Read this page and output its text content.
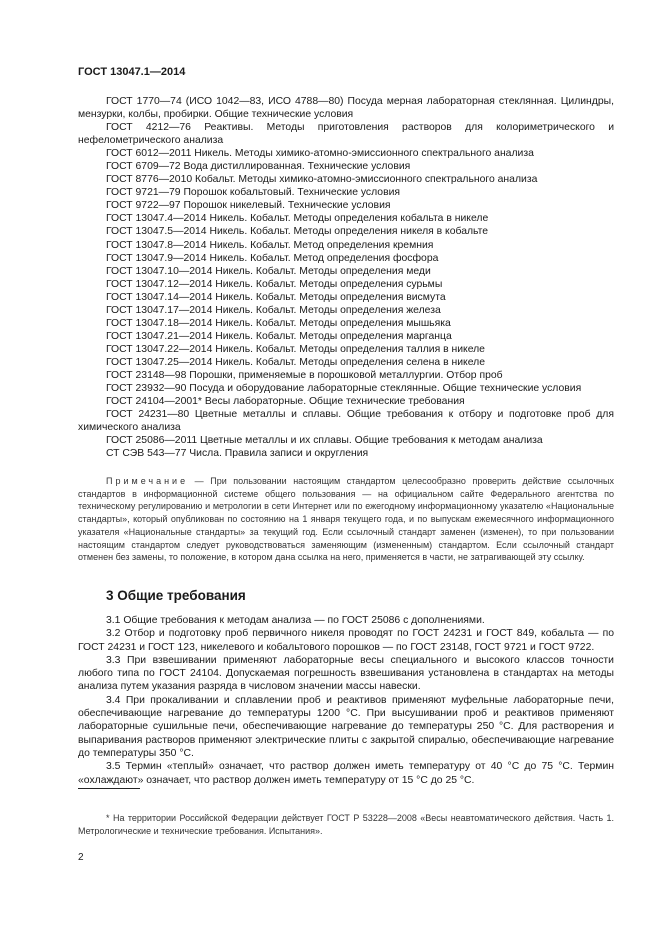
ГОСТ 13047.1—2014
ГОСТ 1770—74 (ИСО 1042—83, ИСО 4788—80) Посуда мерная лабораторная стеклянная. Цилиндры, мензурки, колбы, пробирки. Общие технические условия
ГОСТ 4212—76 Реактивы. Методы приготовления растворов для колориметрического и нефелометрического анализа
ГОСТ 6012—2011 Никель. Методы химико-атомно-эмиссионного спектрального анализа
ГОСТ 6709—72 Вода дистиллированная. Технические условия
ГОСТ 8776—2010 Кобальт. Методы химико-атомно-эмиссионного спектрального анализа
ГОСТ 9721—79 Порошок кобальтовый. Технические условия
ГОСТ 9722—97 Порошок никелевый. Технические условия
ГОСТ 13047.4—2014 Никель. Кобальт. Методы определения кобальта в никеле
ГОСТ 13047.5—2014 Никель. Кобальт. Методы определения никеля в кобальте
ГОСТ 13047.8—2014 Никель. Кобальт. Метод определения кремния
ГОСТ 13047.9—2014 Никель. Кобальт. Метод определения фосфора
ГОСТ 13047.10—2014 Никель. Кобальт. Методы определения меди
ГОСТ 13047.12—2014 Никель. Кобальт. Методы определения сурьмы
ГОСТ 13047.14—2014 Никель. Кобальт. Методы определения висмута
ГОСТ 13047.17—2014 Никель. Кобальт. Методы определения железа
ГОСТ 13047.18—2014 Никель. Кобальт. Методы определения мышьяка
ГОСТ 13047.21—2014 Никель. Кобальт. Методы определения марганца
ГОСТ 13047.22—2014 Никель. Кобальт. Методы определения таллия в никеле
ГОСТ 13047.25—2014 Никель. Кобальт. Методы определения селена в никеле
ГОСТ 23148—98 Порошки, применяемые в порошковой металлургии. Отбор проб
ГОСТ 23932—90 Посуда и оборудование лабораторные стеклянные. Общие технические условия
ГОСТ 24104—2001* Весы лабораторные. Общие технические требования
ГОСТ 24231—80 Цветные металлы и сплавы. Общие требования к отбору и подготовке проб для химического анализа
ГОСТ 25086—2011 Цветные металлы и их сплавы. Общие требования к методам анализа
СТ СЭВ 543—77 Числа. Правила записи и округления
Примечание — При пользовании настоящим стандартом целесообразно проверить действие ссылочных стандартов в информационной системе общего пользования — на официальном сайте Федерального агентства по техническому регулированию и метрологии в сети Интернет или по ежегодному информационному указателю «Национальные стандарты», который опубликован по состоянию на 1 января текущего года, и по выпускам ежемесячного информационного указателя «Национальные стандарты» за текущий год. Если ссылочный стандарт заменен (изменен), то при пользовании настоящим стандартом следует руководствоваться заменяющим (измененным) стандартом. Если ссылочный стандарт отменен без замены, то положение, в котором дана ссылка на него, применяется в части, не затрагивающей эту ссылку.
3 Общие требования
3.1 Общие требования к методам анализа — по ГОСТ 25086 с дополнениями.
3.2 Отбор и подготовку проб первичного никеля проводят по ГОСТ 24231 и ГОСТ 849, кобальта — по ГОСТ 24231 и ГОСТ 123, никелевого и кобальтового порошков — по ГОСТ 23148, ГОСТ 9721 и ГОСТ 9722.
3.3 При взвешивании применяют лабораторные весы специального и высокого классов точности любого типа по ГОСТ 24104. Допускаемая погрешность взвешивания установлена в стандартах на методы анализа путем указания разряда в числовом значении массы навески.
3.4 При прокаливании и сплавлении проб и реактивов применяют муфельные лабораторные печи, обеспечивающие нагревание до температуры 1200 °С. При высушивании проб и реактивов применяют лабораторные сушильные печи, обеспечивающие нагревание до температуры 250 °С. Для растворения и выпаривания растворов применяют электрические плиты с закрытой спиралью, обеспечивающие нагревание до температуры 350 °С.
3.5 Термин «теплый» означает, что раствор должен иметь температуру от 40 °С до 75 °С. Термин «охлаждают» означает, что раствор должен иметь температуру от 15 °С до 25 °С.
* На территории Российской Федерации действует ГОСТ Р 53228—2008 «Весы неавтоматического действия. Часть 1. Метрологические и технические требования. Испытания».
2
